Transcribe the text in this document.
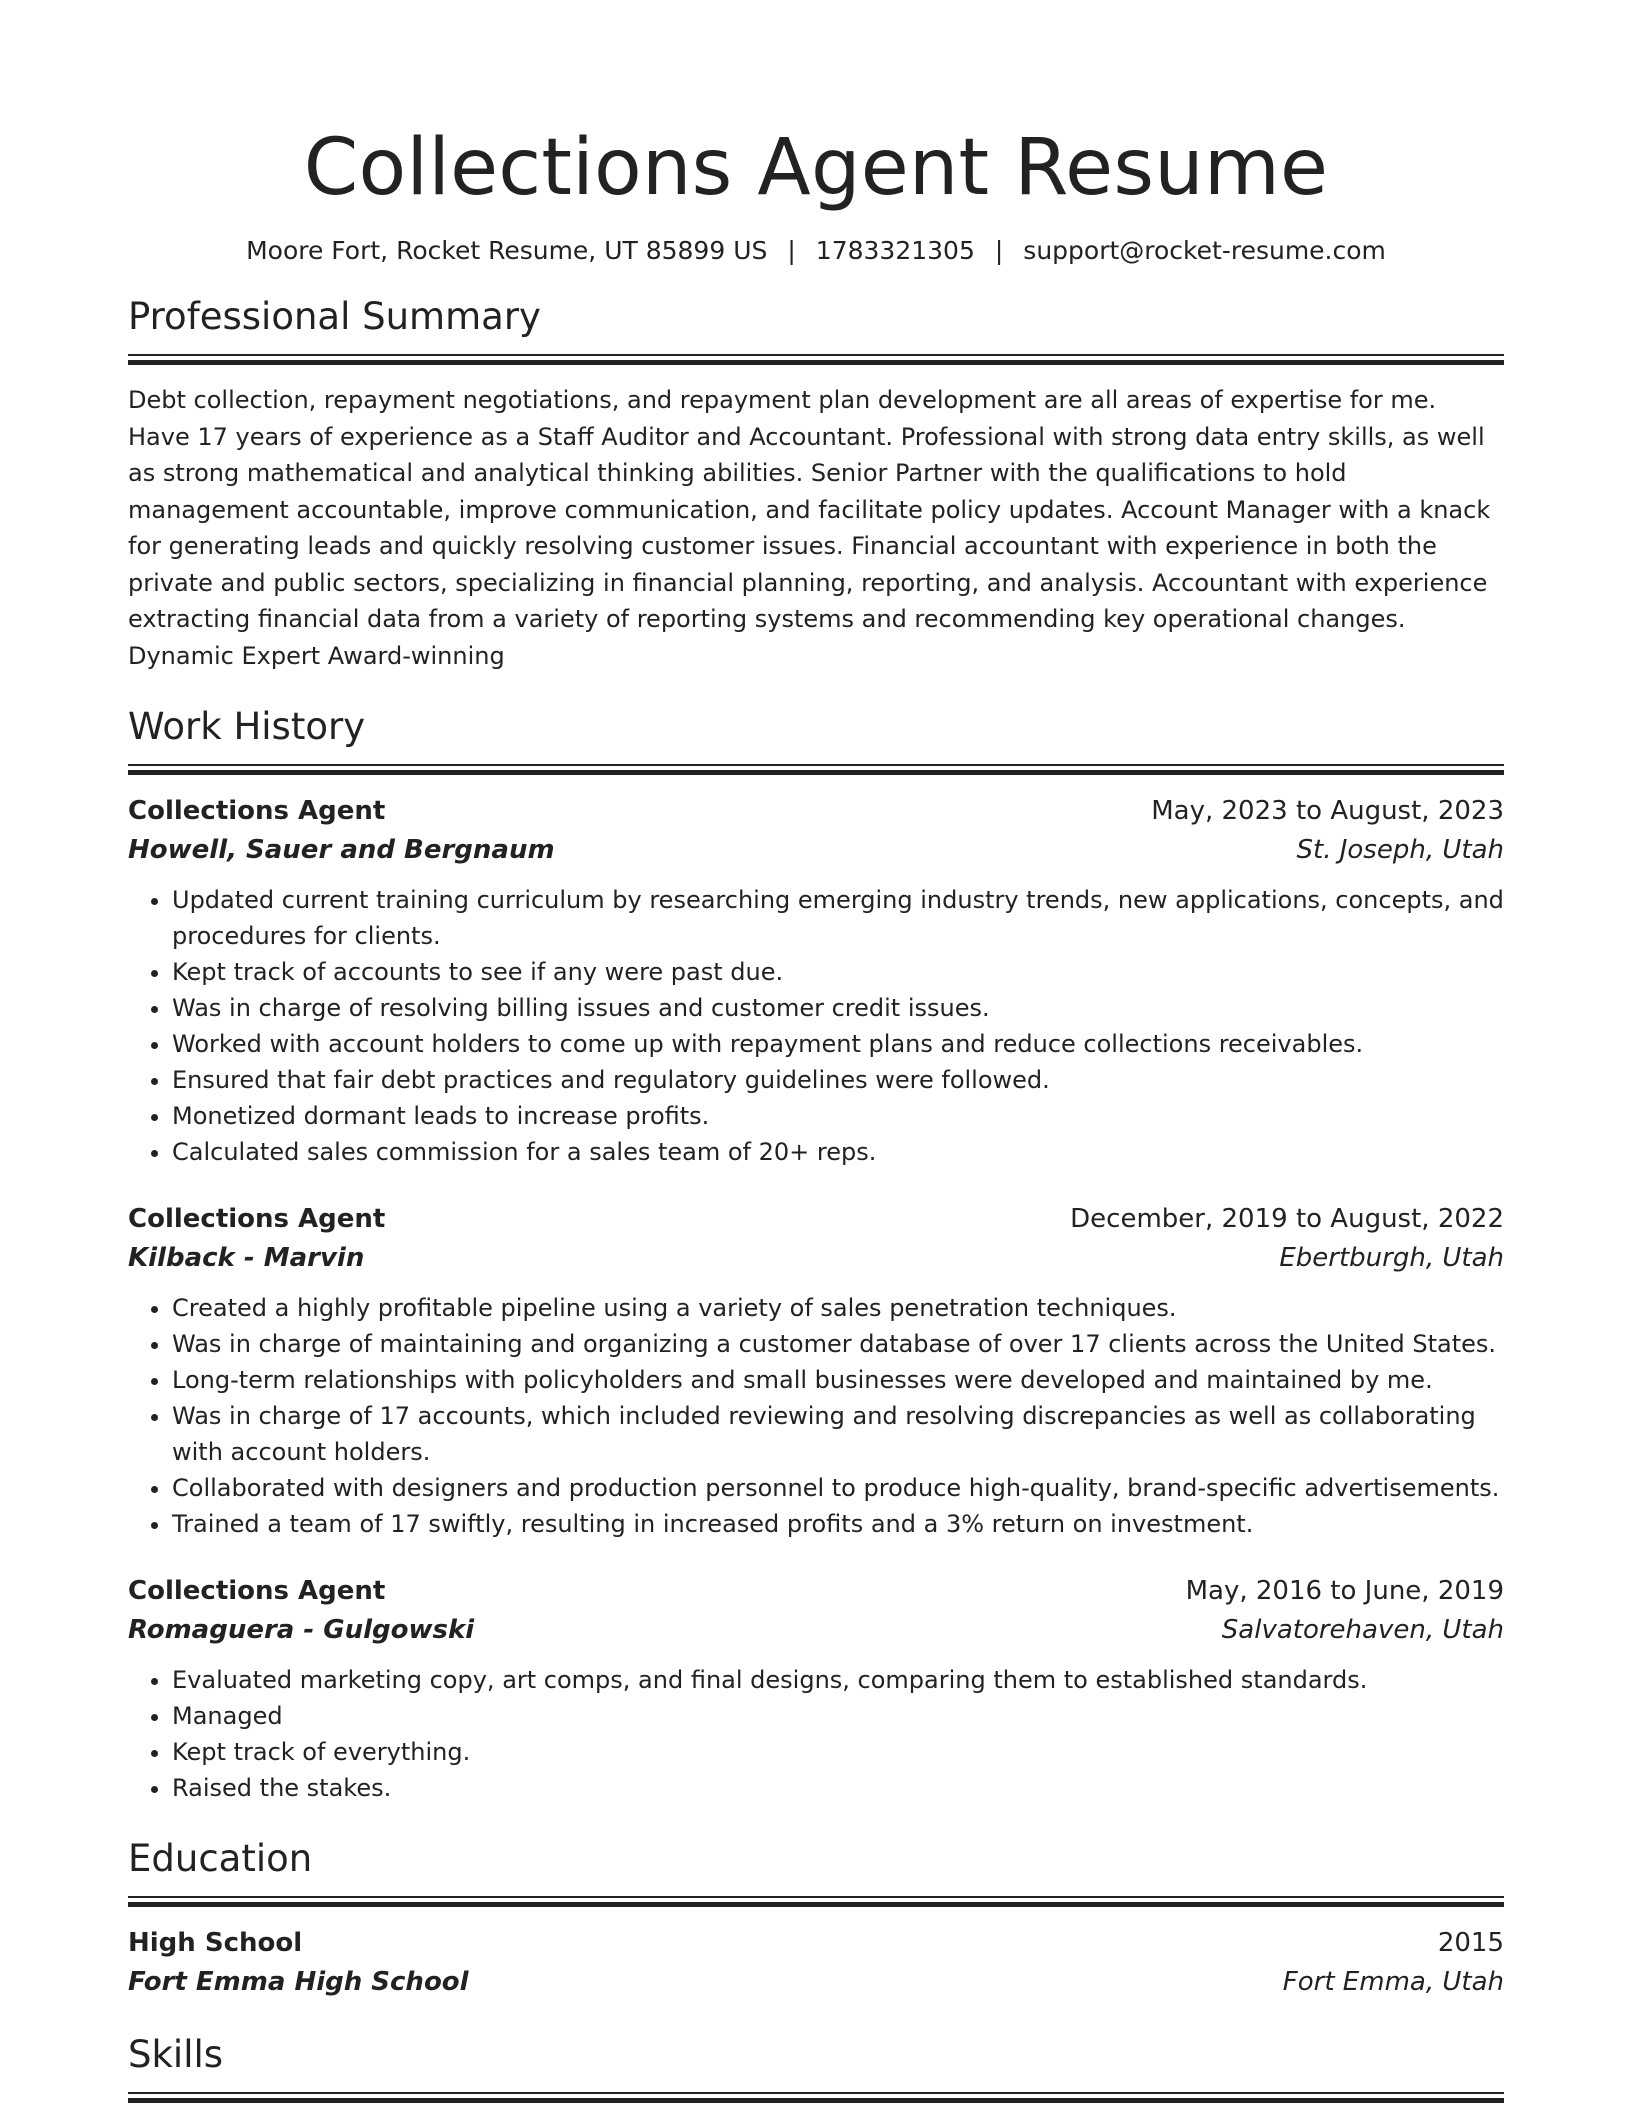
Collections Agent Resume
Moore Fort, Rocket Resume, UT 85899 US | 1783321305 | support@rocket-resume.com
Professional Summary
Debt collection, repayment negotiations, and repayment plan development are all areas of expertise for me. Have 17 years of experience as a Staff Auditor and Accountant. Professional with strong data entry skills, as well as strong mathematical and analytical thinking abilities. Senior Partner with the qualifications to hold management accountable, improve communication, and facilitate policy updates. Account Manager with a knack for generating leads and quickly resolving customer issues. Financial accountant with experience in both the private and public sectors, specializing in financial planning, reporting, and analysis. Accountant with experience extracting financial data from a variety of reporting systems and recommending key operational changes. Dynamic Expert Award-winning
Work History
Collections Agent	May, 2023 to August, 2023
Howell, Sauer and Bergnaum	St. Joseph, Utah
• Updated current training curriculum by researching emerging industry trends, new applications, concepts, and procedures for clients.
• Kept track of accounts to see if any were past due.
• Was in charge of resolving billing issues and customer credit issues.
• Worked with account holders to come up with repayment plans and reduce collections receivables.
• Ensured that fair debt practices and regulatory guidelines were followed.
• Monetized dormant leads to increase profits.
• Calculated sales commission for a sales team of 20+ reps.
Collections Agent	December, 2019 to August, 2022
Kilback - Marvin	Ebertburgh, Utah
• Created a highly profitable pipeline using a variety of sales penetration techniques.
• Was in charge of maintaining and organizing a customer database of over 17 clients across the United States.
• Long-term relationships with policyholders and small businesses were developed and maintained by me.
• Was in charge of 17 accounts, which included reviewing and resolving discrepancies as well as collaborating with account holders.
• Collaborated with designers and production personnel to produce high-quality, brand-specific advertisements.
• Trained a team of 17 swiftly, resulting in increased profits and a 3% return on investment.
Collections Agent	May, 2016 to June, 2019
Romaguera - Gulgowski	Salvatorehaven, Utah
• Evaluated marketing copy, art comps, and final designs, comparing them to established standards.
• Managed
• Kept track of everything.
• Raised the stakes.
Education
High School	2015
Fort Emma High School	Fort Emma, Utah
Skills
